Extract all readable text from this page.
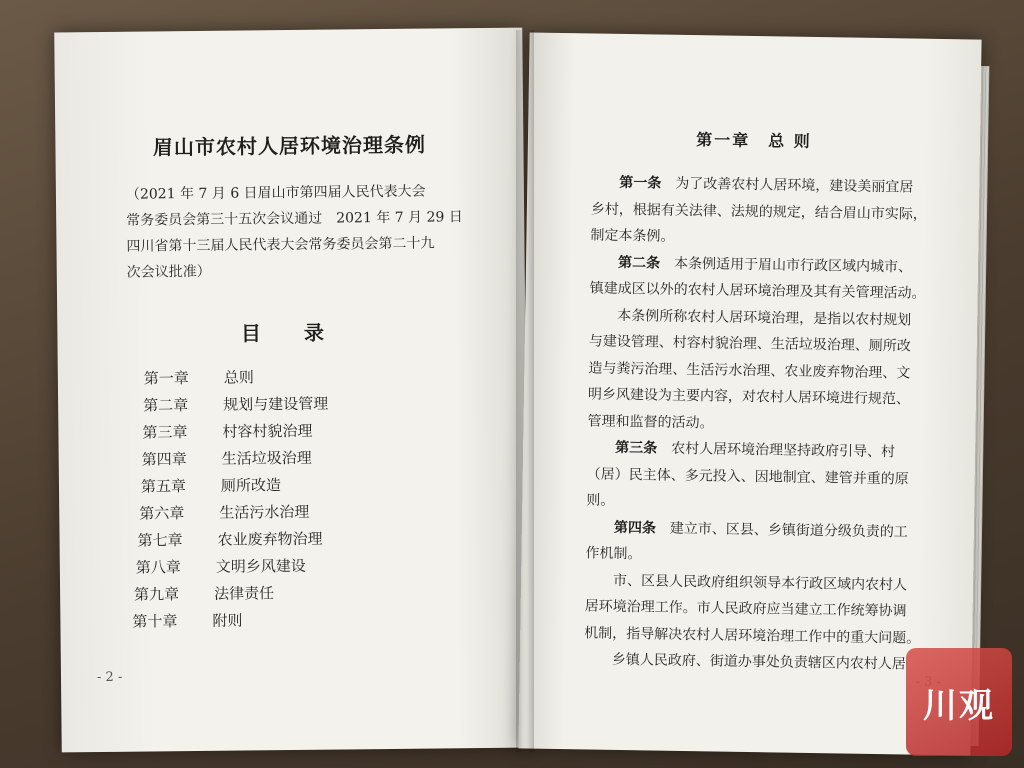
眉山市农村人居环境治理条例
（2021 年 7 月 6 日眉山市第四届人民代表大会
常务委员会第三十五次会议通过　2021 年 7 月 29 日
四川省第十三届人民代表大会常务委员会第二十九
次会议批准）
目 录
第一章 总则
第二章 规划与建设管理
第三章 村容村貌治理
第四章 生活垃圾治理
第五章 厕所改造
第六章 生活污水治理
第七章 农业废弃物治理
第八章 文明乡风建设
第九章 法律责任
第十章 附则
- 2 -
第一章　总 则
　　第一条　 为了改善农村人居环境，建设美丽宜居
乡村，根据有关法律、法规的规定，结合眉山市实际，
制定本条例。
　　第二条　 本条例适用于眉山市行政区域内城市、
镇建成区以外的农村人居环境治理及其有关管理活动。
　　本条例所称农村人居环境治理，是指以农村规划
与建设管理、村容村貌治理、生活垃圾治理、厕所改
造与粪污治理、生活污水治理、农业废弃物治理、文
明乡风建设为主要内容，对农村人居环境进行规范、
管理和监督的活动。
　　第三条　 农村人居环境治理坚持政府引导、村
（居）民主体、多元投入、因地制宜、建管并重的原
则。
　　第四条　 建立市、区县、乡镇街道分级负责的工
作机制。
　　市、区县人民政府组织领导本行政区域内农村人
居环境治理工作。市人民政府应当建立工作统筹协调
机制，指导解决农村人居环境治理工作中的重大问题。
　　乡镇人民政府、街道办事处负责辖区内农村人居
川观
